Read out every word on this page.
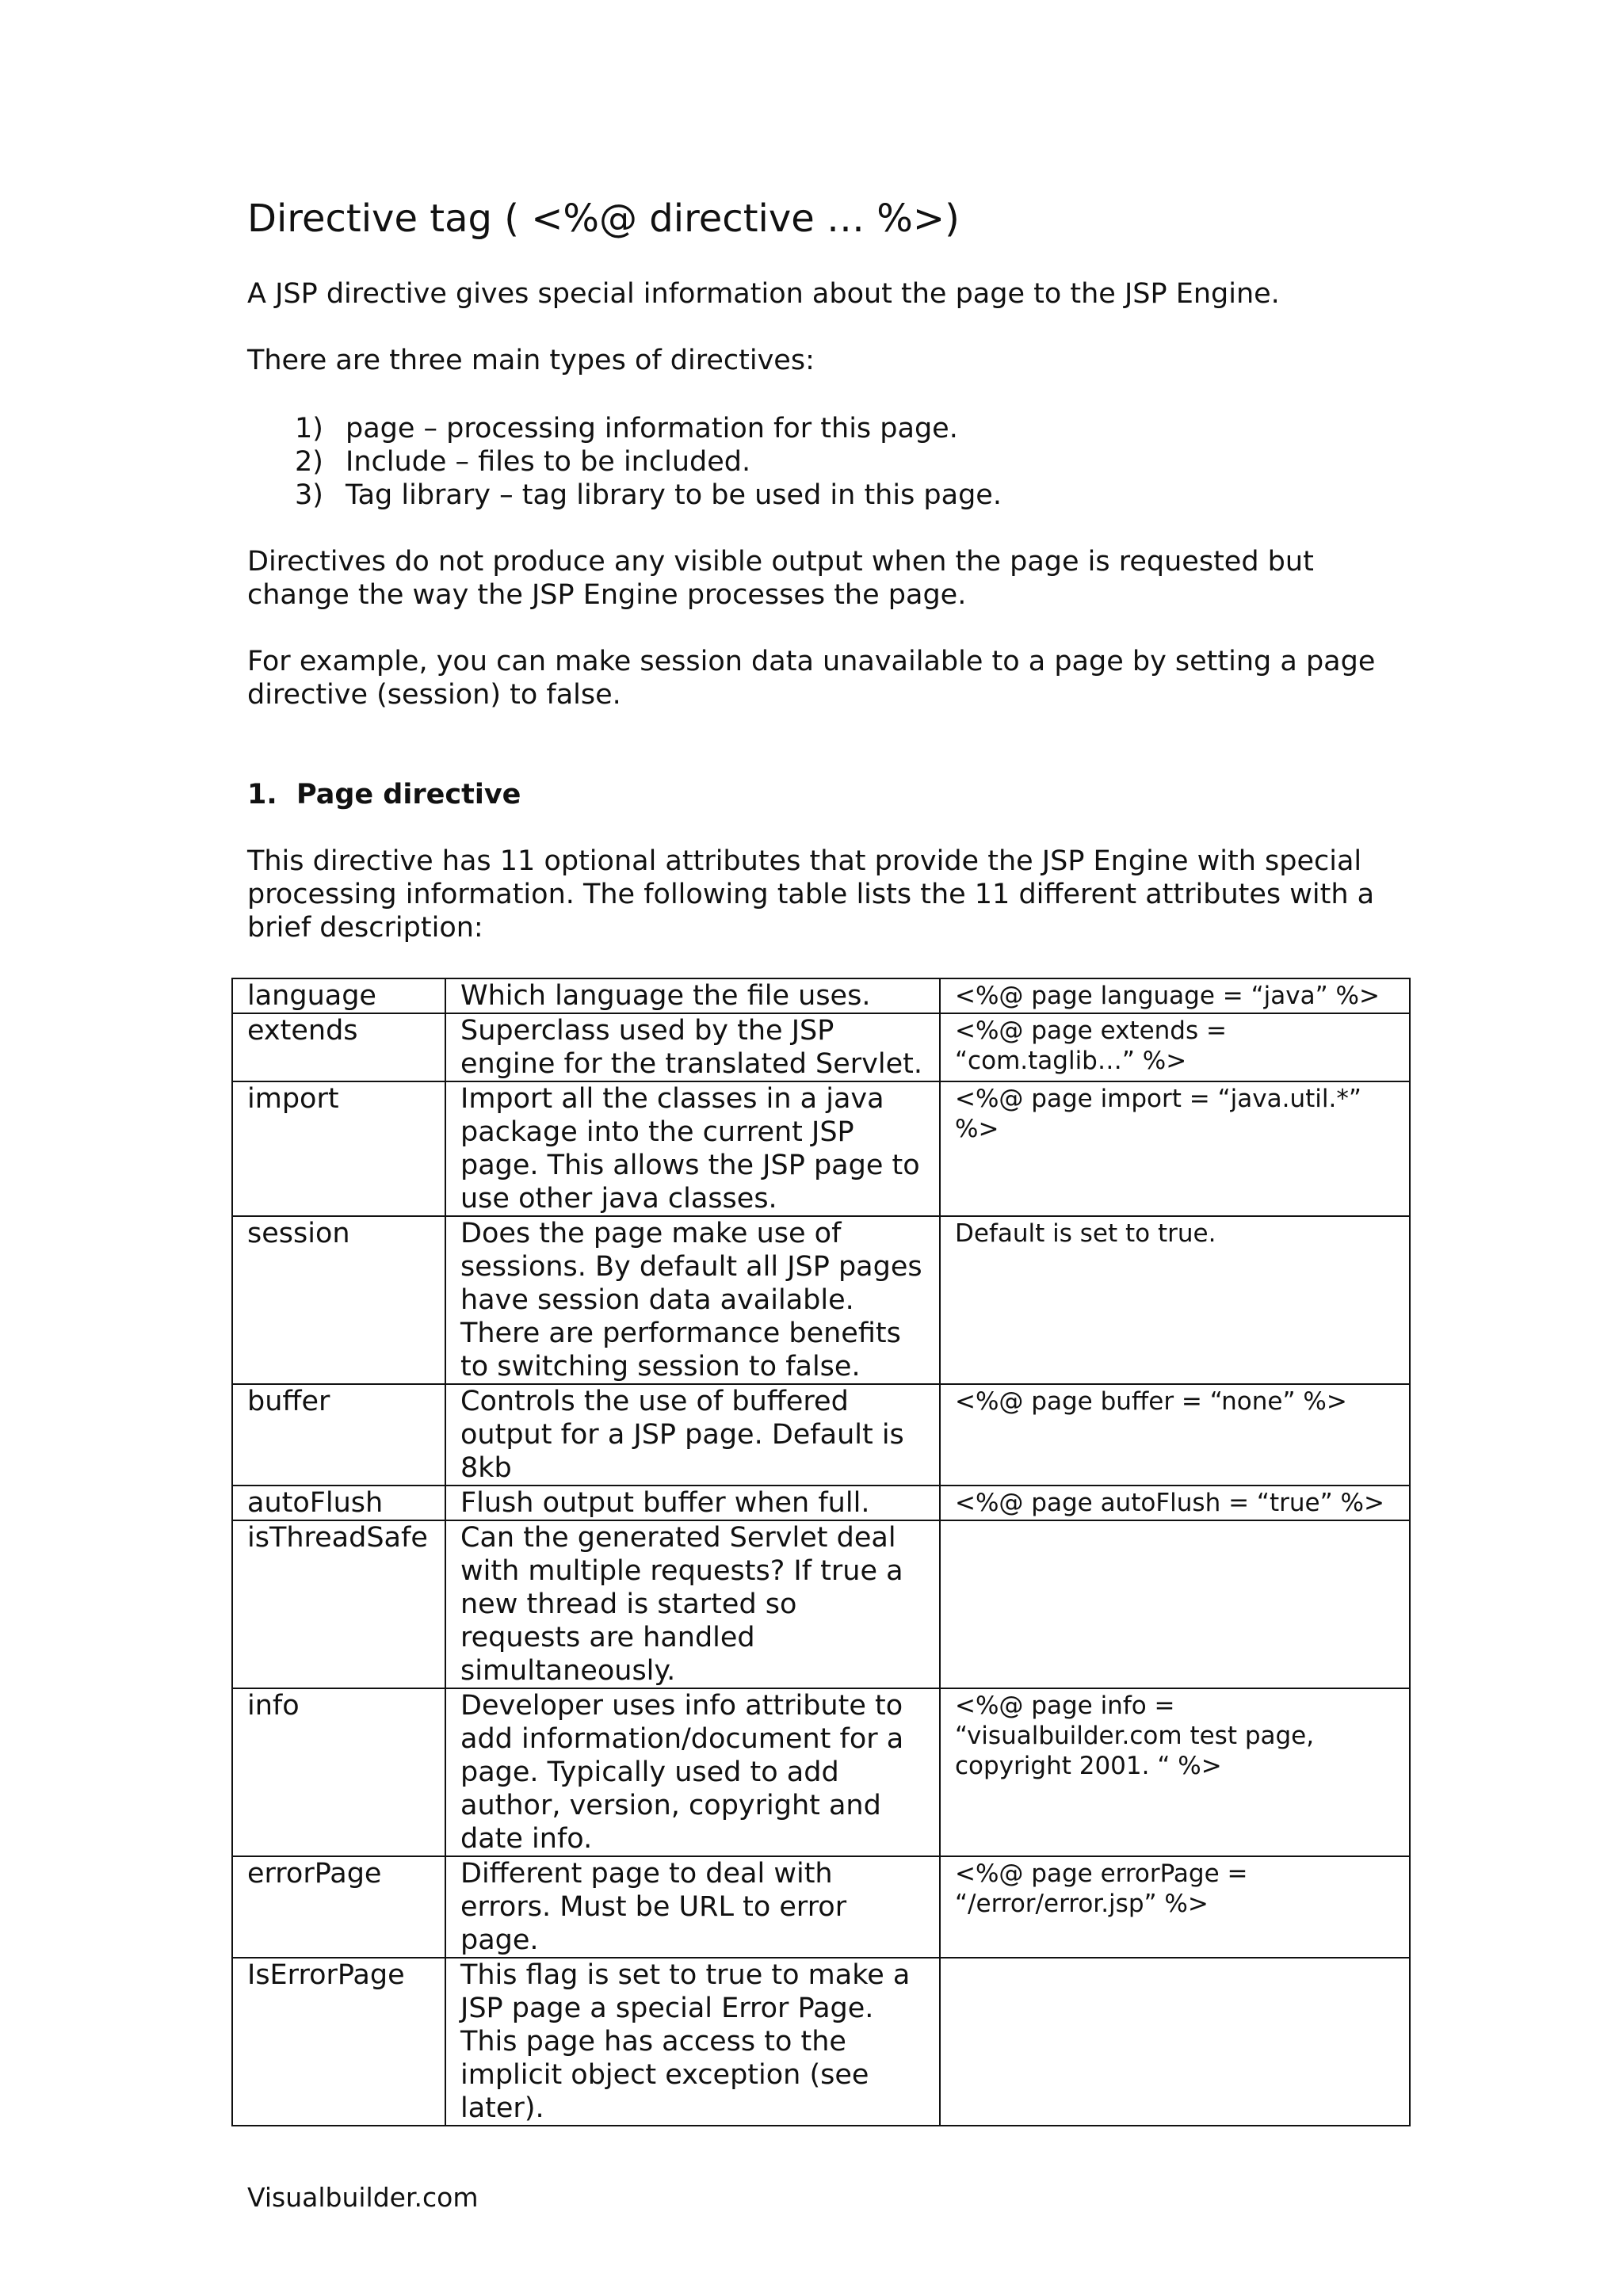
Directive tag ( <%@ directive … %>)

A JSP directive gives special information about the page to the JSP Engine.

There are three main types of directives:

1) page – processing information for this page.
2) Include – files to be included.
3) Tag library – tag library to be used in this page.

Directives do not produce any visible output when the page is requested but change the way the JSP Engine processes the page.

For example, you can make session data unavailable to a page by setting a page directive (session) to false.

1. Page directive

This directive has 11 optional attributes that provide the JSP Engine with special processing information. The following table lists the 11 different attributes with a brief description:

language	Which language the file uses.	<%@ page language = “java” %>
extends	Superclass used by the JSP engine for the translated Servlet.	<%@ page extends = “com.taglib…” %>
import	Import all the classes in a java package into the current JSP page. This allows the JSP page to use other java classes.	<%@ page import = “java.util.*” %>
session	Does the page make use of sessions. By default all JSP pages have session data available. There are performance benefits to switching session to false.	Default is set to true.
buffer	Controls the use of buffered output for a JSP page. Default is 8kb	<%@ page buffer = “none” %>
autoFlush	Flush output buffer when full.	<%@ page autoFlush = “true” %>
isThreadSafe	Can the generated Servlet deal with multiple requests? If true a new thread is started so requests are handled simultaneously.	
info	Developer uses info attribute to add information/document for a page. Typically used to add author, version, copyright and date info.	<%@ page info = “visualbuilder.com test page, copyright 2001. “ %>
errorPage	Different page to deal with errors. Must be URL to error page.	<%@ page errorPage = “/error/error.jsp” %>
IsErrorPage	This flag is set to true to make a JSP page a special Error Page. This page has access to the implicit object exception (see later).	

Visualbuilder.com
